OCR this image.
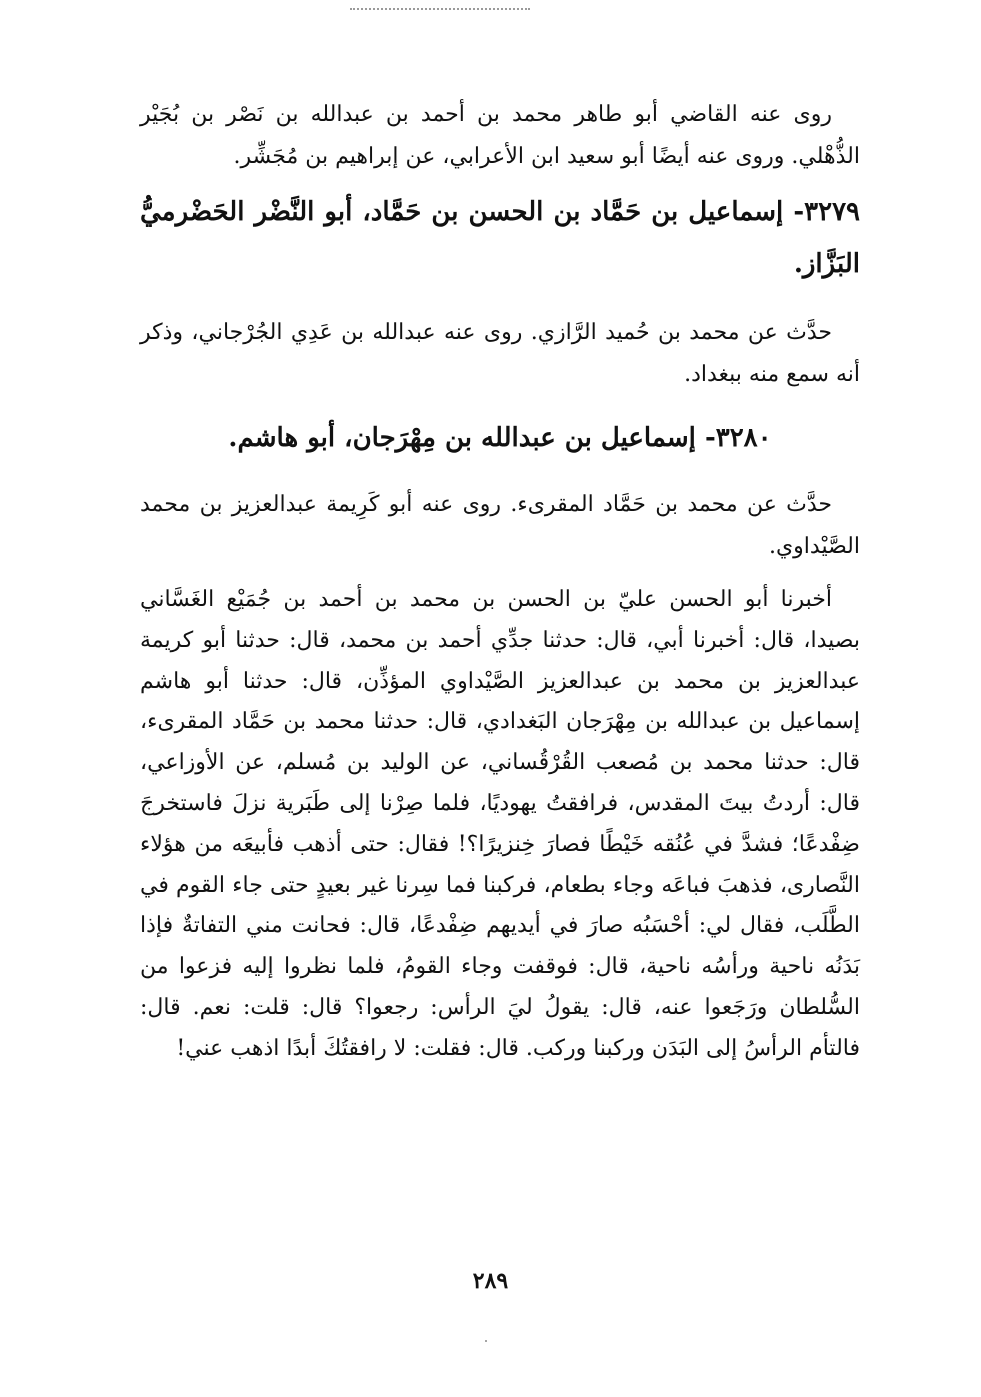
روى عنه القاضي أبو طاهر محمد بن أحمد بن عبدالله بن نَصْر بن بُجَيْر الذُّهْلي. وروى عنه أيضًا أبو سعيد ابن الأعرابي، عن إبراهيم بن مُجَشِّر.

٣٢٧٩- إسماعيل بن حَمَّاد بن الحسن بن حَمَّاد، أبو النَّضْر الحَضْرميُّ البَزَّاز.

حدَّث عن محمد بن حُميد الرَّازي. روى عنه عبدالله بن عَدِي الجُرْجاني، وذكر أنه سمع منه ببغداد.

٣٢٨٠- إسماعيل بن عبدالله بن مِهْرَجان، أبو هاشم.

حدَّث عن محمد بن حَمَّاد المقرىء. روى عنه أبو كَرِيمة عبدالعزيز بن محمد الصَّيْداوي.

أخبرنا أبو الحسن عليّ بن الحسن بن محمد بن أحمد بن جُمَيْع الغَسَّاني بصيدا، قال: أخبرنا أبي، قال: حدثنا جدِّي أحمد بن محمد، قال: حدثنا أبو كريمة عبدالعزيز بن محمد بن عبدالعزيز الصَّيْداوي المؤذِّن، قال: حدثنا أبو هاشم إسماعيل بن عبدالله بن مِهْرَجان البَغدادي، قال: حدثنا محمد بن حَمَّاد المقرىء، قال: حدثنا محمد بن مُصعب القُرْقُساني، عن الوليد بن مُسلم، عن الأوزاعي، قال: أردتُ بيتَ المقدس، فرافقتُ يهوديًا، فلما صِرْنا إلى طَبَرية نزلَ فاستخرجَ ضِفْدعًا؛ فشدَّ في عُنُقه خَيْطًا فصارَ خِنزيرًا؟! فقال: حتى أذهب فأبيعَه من هؤلاء النَّصارى، فذهبَ فباعَه وجاء بطعام، فركبنا فما سِرنا غير بعيدٍ حتى جاء القوم في الطَّلَب، فقال لي: أحْسَبُه صارَ في أيديهم ضِفْدعًا، قال: فحانت مني التفاتةٌ فإذا بَدَنُه ناحية ورأسُه ناحية، قال: فوقفت وجاء القومُ، فلما نظروا إليه فزعوا من السُّلطان ورَجَعوا عنه، قال: يقولُ ليَ الرأس: رجعوا؟ قال: قلت: نعم. قال: فالتأم الرأسُ إلى البَدَن وركبنا وركب. قال: فقلت: لا رافقتُكَ أبدًا اذهب عني!

٢٨٩
